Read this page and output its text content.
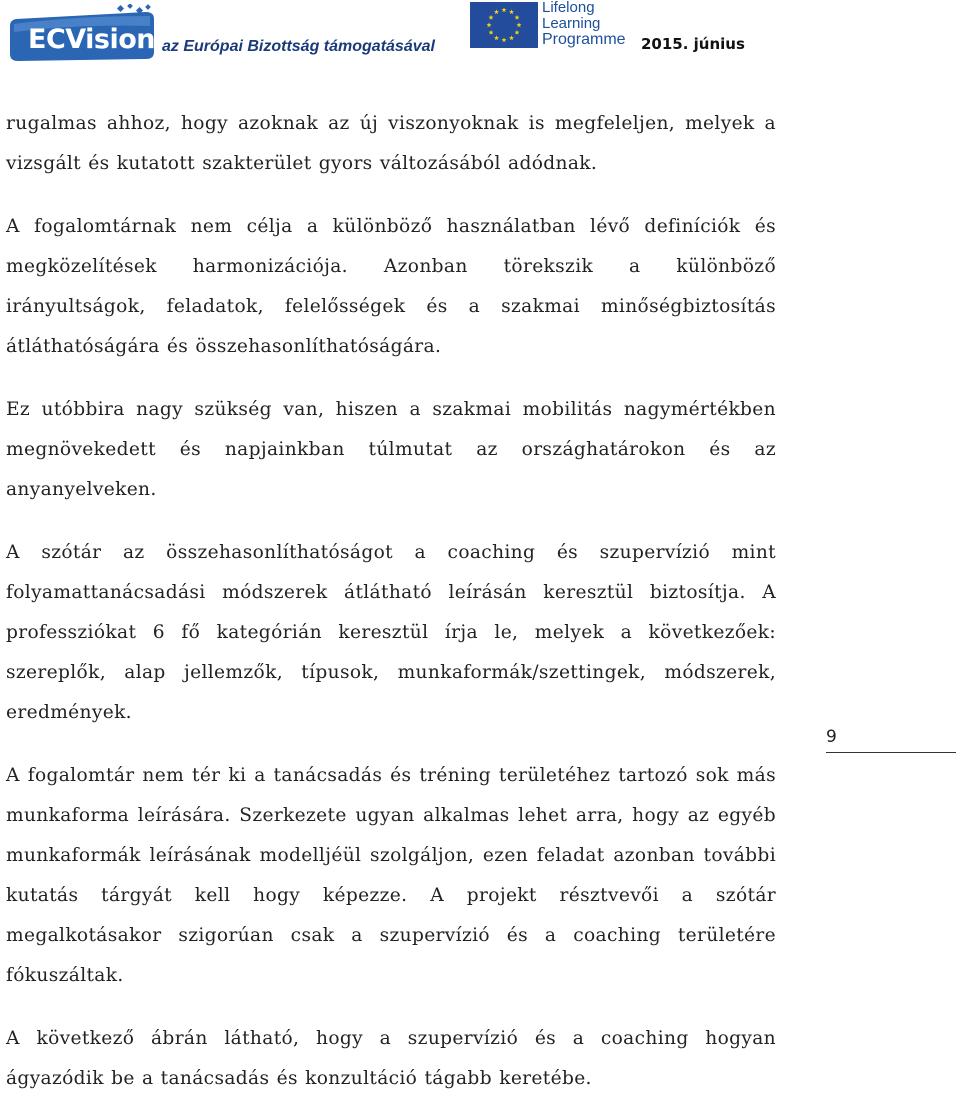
ECVision az Európai Bizottság támogatásával
Lifelong
Learning
Programme 2015. június

rugalmas ahhoz, hogy azoknak az új viszonyoknak is megfeleljen, melyek a vizsgált és kutatott szakterület gyors változásából adódnak.

A fogalomtárnak nem célja a különböző használatban lévő definíciók és megközelítések harmonizációja. Azonban törekszik a különböző irányultságok, feladatok, felelősségek és a szakmai minőségbiztosítás átláthatóságára és összehasonlíthatóságára.

Ez utóbbira nagy szükség van, hiszen a szakmai mobilitás nagymértékben megnövekedett és napjainkban túlmutat az országhatárokon és az anyanyelveken.

A szótár az összehasonlíthatóságot a coaching és szupervízió mint folyamattanácsadási módszerek átlátható leírásán keresztül biztosítja. A professziókat 6 fő kategórián keresztül írja le, melyek a következőek: szereplők, alap jellemzők, típusok, munkaformák/szettingek, módszerek, eredmények.

A fogalomtár nem tér ki a tanácsadás és tréning területéhez tartozó sok más munkaforma leírására. Szerkezete ugyan alkalmas lehet arra, hogy az egyéb munkaformák leírásának modelljéül szolgáljon, ezen feladat azonban további kutatás tárgyát kell hogy képezze. A projekt résztvevői a szótár megalkotásakor szigorúan csak a szupervízió és a coaching területére fókuszáltak.

A következő ábrán látható, hogy a szupervízió és a coaching hogyan ágyazódik be a tanácsadás és konzultáció tágabb keretébe.

9
